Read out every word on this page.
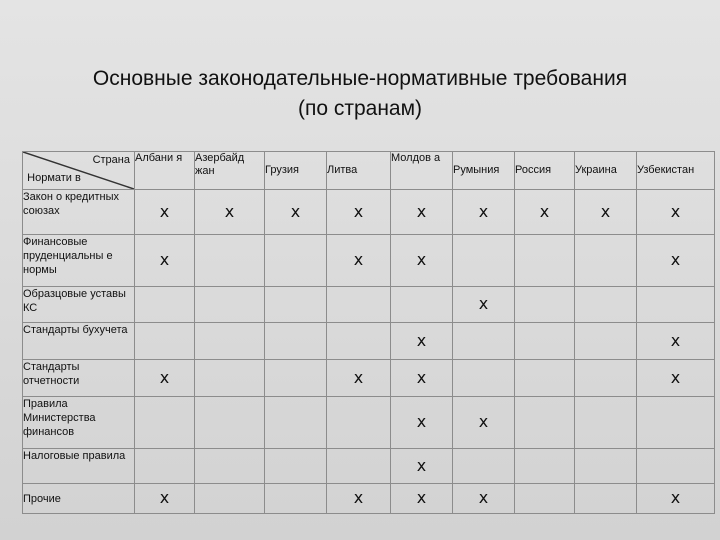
Основные законодательные-нормативные требования
(по странам)
Страна
Нормати в	Албани я	Азербайд жан	Грузия	Литва	Молдов а	Румыния	Россия	Украина	Узбекистан
Закон о кредитных союзах	x	x	x	x	x	x	x	x	x
Финансовые пруденциальны е нормы	x			x	x				x
Образцовые уставы КС						x			
Стандарты бухучета					x				x
Стандарты отчетности	x			x	x				x
Правила Министерства финансов					x	x			
Налоговые правила					x				
Прочие	x			x	x	x			x
